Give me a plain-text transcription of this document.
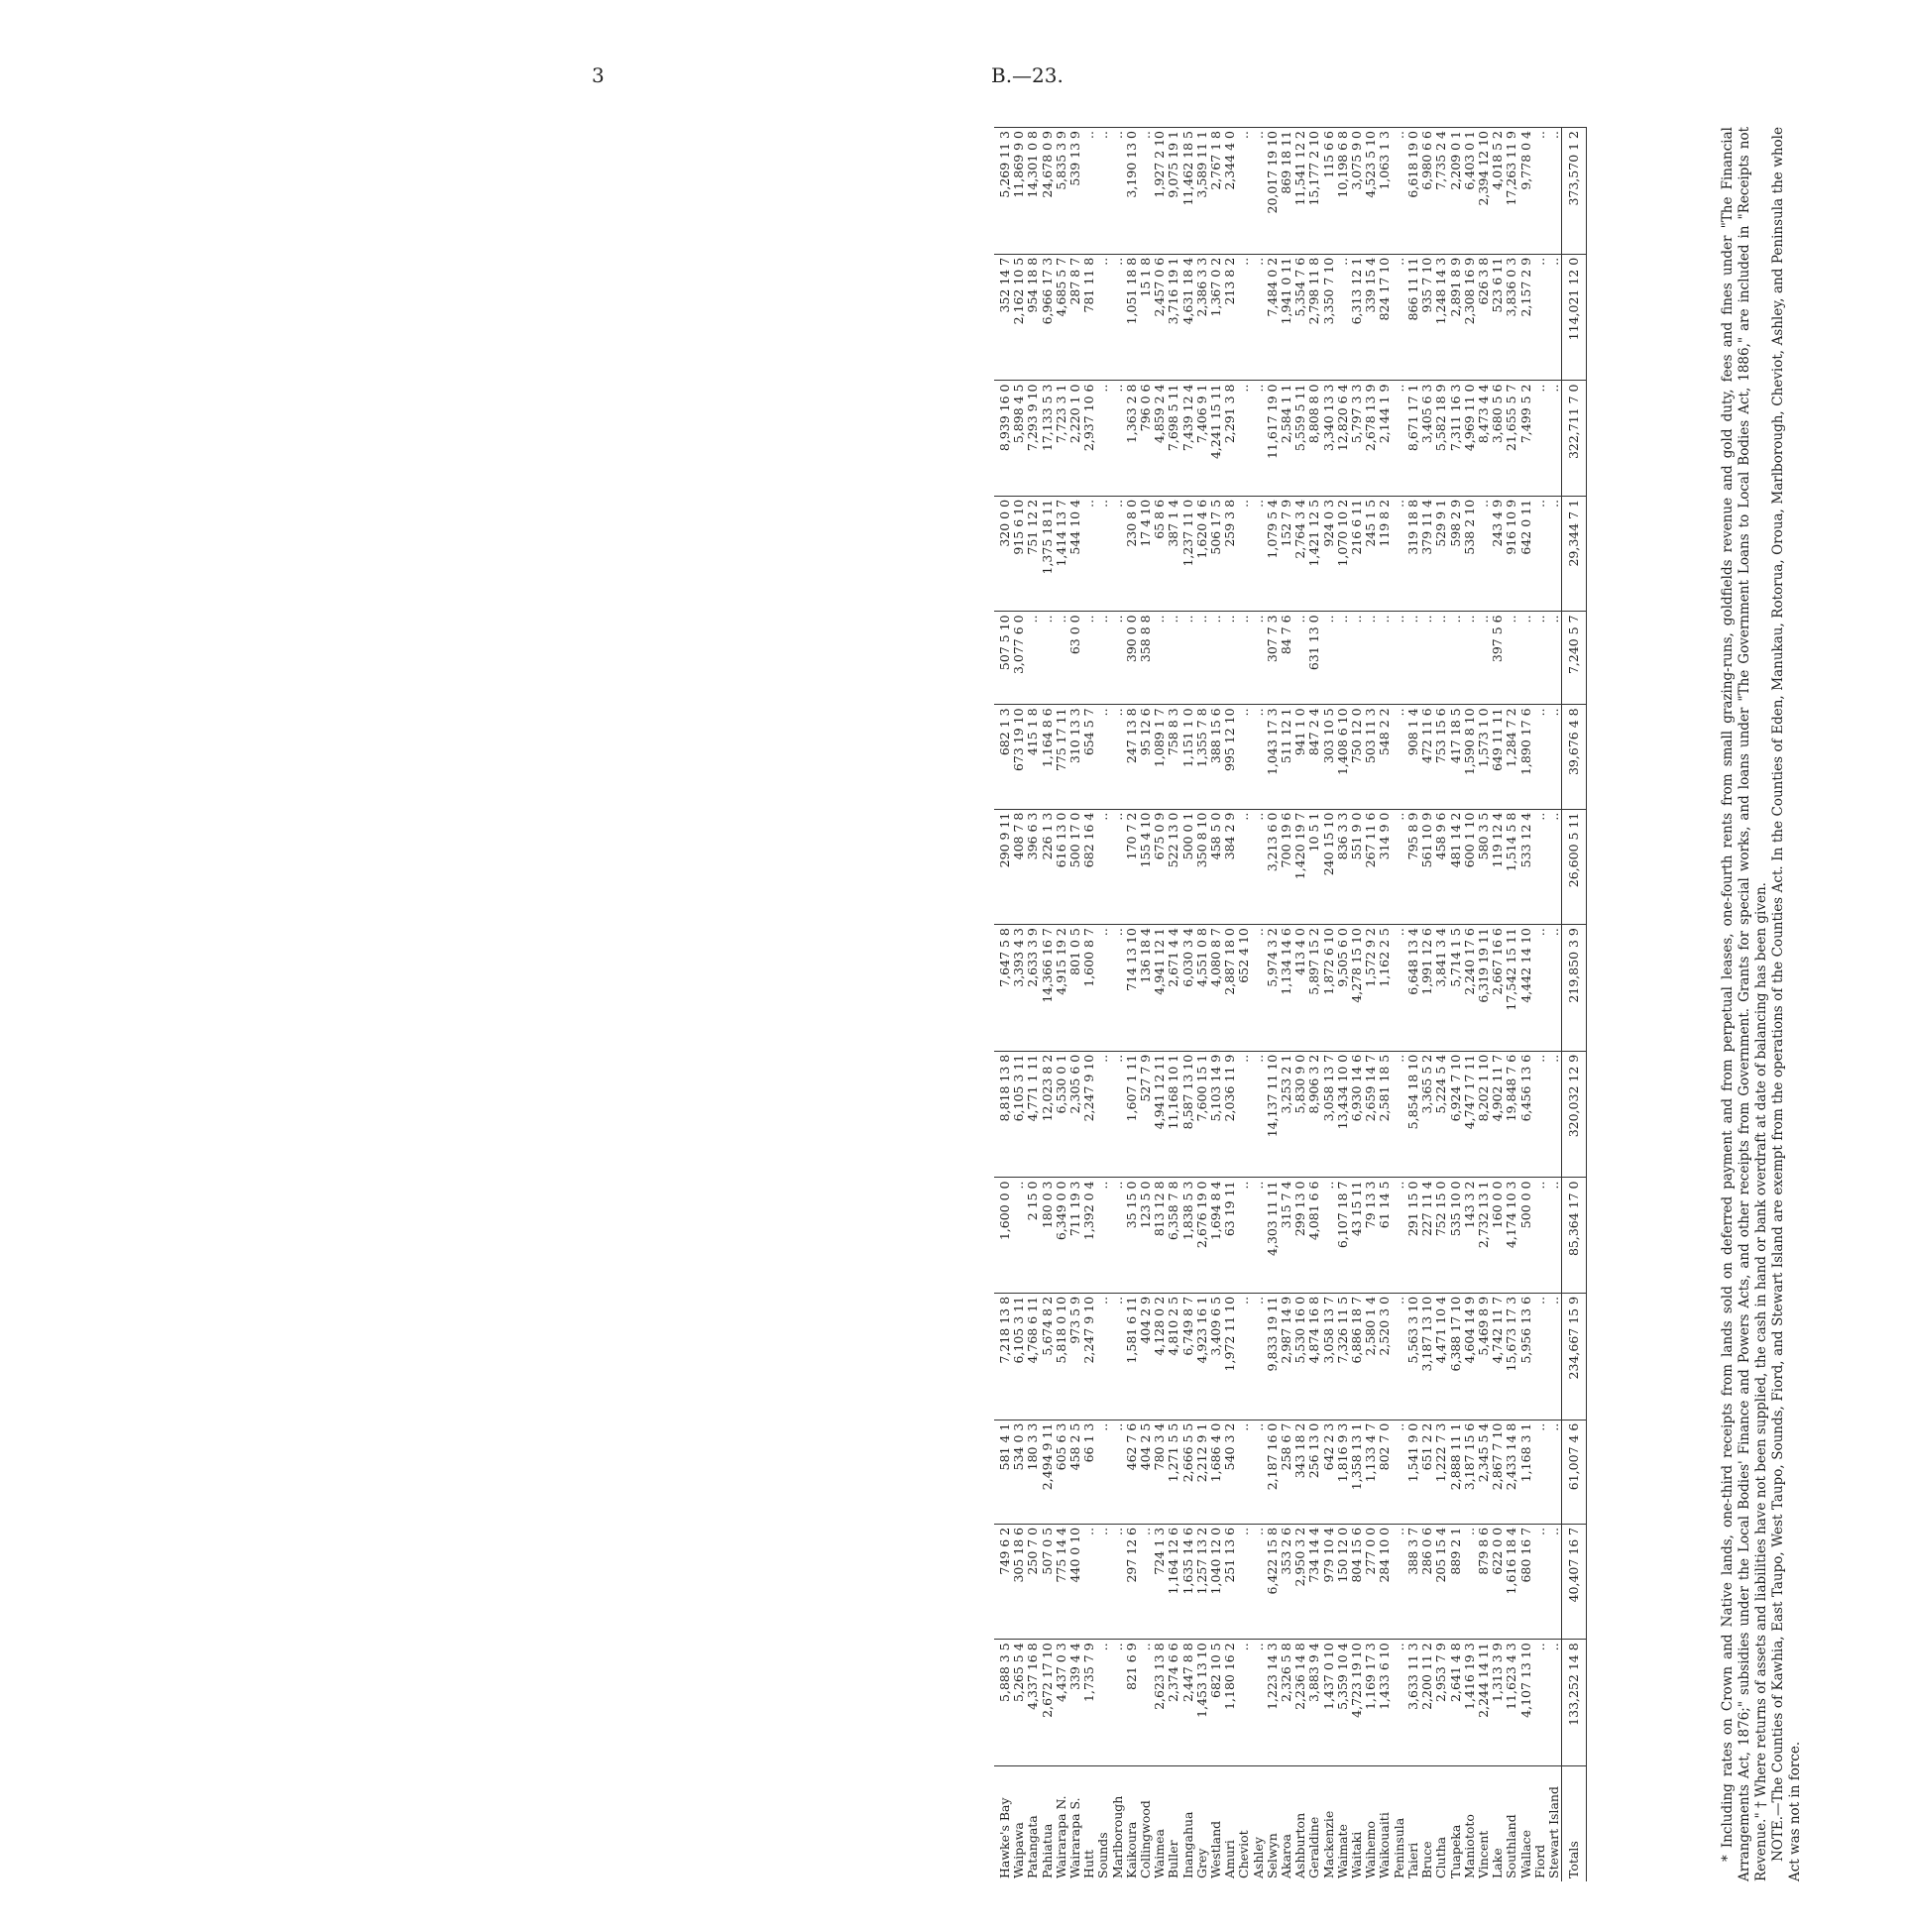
3	B.—23.
Hawke's Bay	5,888 3 5	749 6 2	581 4 1	7,218 13 8	1,600 0 0	8,818 13 8	7,647 5 8	290 9 11	682 1 3	507 5 10	320 0 0	8,939 16 0	352 14 7	5,269 11 3
Waipawa	5,265 5 4	305 18 6	534 0 3	6,105 3 11	..	6,105 3 11	3,393 4 3	408 7 8	673 19 10	3,077 6 0	915 6 10	5,898 4 5	2,162 10 5	11,869 9 0
Patangata	4,337 16 8	250 7 0	180 3 3	4,768 6 11	2 15 0	4,771 1 11	2,633 3 9	396 6 3	415 1 8	..	751 12 2	7,293 9 10	954 18 8	14,301 0 8
Pahiatua	2,672 17 10	507 0 5	2,494 9 11	5,674 8 2	180 0 3	12,023 8 2	14,366 16 7	226 1 3	1,164 8 6	..	1,375 18 11	17,133 5 3	6,966 17 3	24,678 0 9
Wairarapa N.	4,437 0 3	775 14 4	605 6 3	5,818 0 10	6,349 0 0	6,530 0 1	4,915 19 2	616 13 0	775 17 11	..	1,414 13 7	7,723 3 1	4,685 5 7	5,835 3 9
Wairarapa S.	339 4 4	440 0 10	458 2 5	973 5 9	711 19 3	2,305 6 0	801 0 5	500 17 0	310 13 3	63 0 0	544 10 4	2,220 1 0	287 8 7	539 13 9
Hutt	1,735 7 9	..	66 1 3	2,247 9 10	1,392 0 4	2,247 9 10	1,600 8 7	682 16 4	654 5 7	..	..	2,937 10 6	781 11 8	..
Sounds	..	..	..	..	..	..	..	..	..	..	..	..	..	..
Marlborough	..	..	..	..	..	..	..	..	..	..	..	..	..	..
Kaikoura	821 6 9	297 12 6	462 7 6	1,581 6 11	35 15 0	1,607 1 11	714 13 10	170 7 2	247 13 8	390 0 0	230 8 0	1,363 2 8	1,051 18 8	3,190 13 0
Collingwood	..	..	404 2 5	404 2 9	123 5 0	527 7 9	136 18 4	155 4 10	95 12 6	358 8 8	17 4 10	796 0 6	15 1 8	..
Waimea	2,623 13 8	724 1 3	780 3 4	4,128 0 2	813 12 8	4,941 12 11	4,941 12 1	675 0 9	1,089 1 7	..	65 8 6	4,859 2 4	2,457 0 6	1,927 2 10
Buller	2,374 6 6	1,164 12 6	1,271 5 5	4,810 2 5	6,358 7 8	11,168 10 1	2,671 4 4	522 13 0	758 8 3	..	387 1 4	7,698 5 11	3,716 19 1	9,075 19 1
Inangahua	2,447 8 8	1,635 14 6	2,666 5 5	6,749 8 7	1,838 5 3	8,587 13 10	6,030 3 4	500 0 1	1,151 1 0	..	1,237 11 0	7,439 12 4	4,631 18 4	11,462 18 5
Grey	1,453 13 10	1,257 13 2	2,212 9 1	4,923 16 1	2,676 19 0	7,600 15 1	4,551 0 8	350 8 10	1,355 7 8	..	1,620 4 6	7,406 9 1	2,386 3 3	3,589 11 1
Westland	682 10 5	1,040 12 0	1,686 4 0	3,409 6 5	1,694 8 4	5,103 14 9	4,080 8 7	458 5 0	388 15 6	..	506 17 5	4,241 15 11	1,367 0 2	2,767 1 8
Amuri	1,180 16 2	251 13 6	540 3 2	1,972 11 10	63 19 11	2,036 11 9	2,887 18 0	384 2 9	995 12 10	..	259 3 8	2,291 3 8	213 8 2	2,344 4 0
Cheviot	..	..	..	..	..	..	652 4 10	..	..	..	..	..	..	..
Ashley	..	..	..	..	..	..	..	..	..	..	..	..	..	..
Selwyn	1,223 14 3	6,422 15 8	2,187 16 0	9,833 19 11	4,303 11 11	14,137 11 10	5,974 3 2	3,213 6 0	1,043 17 3	307 7 3	1,079 5 4	11,617 19 0	7,484 0 2	20,017 19 10
Akaroa	2,326 5 8	353 2 6	258 6 7	2,987 14 9	315 7 4	3,253 2 1	1,134 14 6	700 19 6	511 12 1	84 7 6	152 7 9	2,584 1 1	1,941 0 11	869 18 11
Ashburton	2,236 14 8	2,950 3 2	343 18 2	5,530 16 0	299 13 0	5,830 9 0	413 4 0	1,420 19 7	941 1 0	..	2,764 3 4	5,559 5 11	5,354 7 6	11,541 12 2
Geraldine	3,883 9 4	734 14 4	256 13 0	4,874 16 8	4,081 6 6	8,906 3 2	5,897 15 2	10 5 1	847 2 4	631 13 0	1,421 12 5	8,808 8 0	2,798 11 8	15,177 2 10
Mackenzie	1,437 0 10	979 10 4	642 2 3	3,058 13 7	..	3,058 13 7	1,872 6 10	240 15 10	303 10 5	..	924 0 3	3,340 13 3	3,350 7 10	115 6 6
Waimate	5,359 10 4	150 12 0	1,816 9 3	7,326 11 5	6,107 18 7	13,434 10 0	9,505 6 0	836 3 3	1,408 6 10	..	1,070 10 2	12,820 6 4	..	10,198 6 8
Waitaki	4,723 19 10	804 15 6	1,358 13 1	6,886 18 7	43 15 11	6,930 14 6	4,278 15 10	551 9 0	750 12 0	..	216 6 11	5,797 3 3	6,313 12 1	3,075 9 0
Waihemo	1,169 17 3	277 0 0	1,133 4 7	2,580 1 4	79 13 3	2,659 14 7	1,572 9 2	267 11 6	503 11 3	..	245 1 5	2,678 13 9	339 15 4	4,523 5 10
Waikouaiti	1,433 6 10	284 10 0	802 7 0	2,520 3 0	61 14 5	2,581 18 5	1,162 2 5	314 9 0	548 2 2	..	119 8 2	2,144 1 9	824 17 10	1,063 1 3
Peninsula	..	..	..	..	..	..	..	..	..	..	..	..	..	..
Taieri	3,633 11 3	388 3 7	1,541 9 0	5,563 3 10	291 15 0	5,854 18 10	6,648 13 4	795 8 9	908 1 4	..	319 18 8	8,671 17 1	866 11 11	6,618 19 0
Bruce	2,200 11 2	286 0 6	651 2 2	3,187 13 10	227 11 4	3,365 5 2	1,991 12 6	561 10 9	472 11 6	..	379 11 4	3,405 6 3	935 7 10	6,980 6 6
Clutha	2,953 7 9	205 15 4	1,222 7 3	4,471 10 4	752 15 0	5,224 5 4	3,841 3 4	458 9 6	753 15 6	..	529 9 1	5,582 18 9	1,248 14 3	7,735 2 4
Tuapeka	2,641 4 8	889 2 1	2,888 11 1	6,388 17 10	535 10 0	6,924 7 10	5,714 1 5	481 14 2	417 18 5	..	598 2 9	7,311 16 3	2,891 8 9	2,209 0 1
Maniototo	1,416 19 3	..	3,187 15 6	4,604 14 9	143 3 2	4,747 17 11	2,240 17 6	600 1 10	1,590 8 10	..	538 2 10	4,969 11 0	2,308 16 9	6,403 0 1
Vincent	2,244 14 11	879 8 6	2,345 5 4	5,469 8 9	2,732 13 1	8,202 1 10	6,319 19 11	580 3 5	1,573 1 0	..	..	8,473 4 4	626 3 8	2,394 12 10
Lake	1,313 3 9	622 0 0	2,867 7 10	4,742 11 7	160 0 0	4,902 11 7	2,667 16 6	119 12 4	649 11 11	397 5 6	243 4 9	3,680 5 6	523 6 11	4,018 5 2
Southland	11,623 4 3	1,616 18 4	2,433 14 8	15,673 17 3	4,174 10 3	19,848 7 6	17,542 15 11	1,514 5 8	1,284 7 2	..	916 10 9	21,655 5 7	3,836 0 3	17,263 11 9
Wallace	4,107 13 10	680 16 7	1,168 3 1	5,956 13 6	500 0 0	6,456 13 6	4,442 14 10	533 12 4	1,890 17 6	..	642 0 11	7,499 5 2	2,157 2 9	9,778 0 4
Fiord	..	..	..	..	..	..	..	..	..	..	..	..	..	..
Stewart Island	..	..	..	..	..	..	..	..	..	..	..	..	..	..
Totals	133,252 14 8	40,407 16 7	61,007 4 6	234,667 15 9	85,364 17 0	320,032 12 9	219,850 3 9	26,600 5 11	39,676 4 8	7,240 5 7	29,344 7 1	322,711 7 0	114,021 12 0	373,570 1 2	* Including rates on Crown and Native lands, one-third receipts from lands sold on deferred payment and from perpetual leases, one-fourth rents from small grazing-runs, goldfields revenue and gold duty, fees and fines under "The Financial Arrangements Act, 1876;" subsidies under the Local Bodies' Finance and Powers Acts, and other receipts from Government. Grants for special works, and loans under "The Government Loans to Local Bodies Act, 1886," are included in "Receipts not Revenue." † Where returns of assets and liabilities have not been supplied, the cash in hand or bank overdraft at date of balancing has been given. NOTE.—The Counties of Kawhia, East Taupo, West Taupo, Sounds, Fiord, and Stewart Island are exempt from the operations of the Counties Act. In the Counties of Eden, Manukau, Rotorua, Oroua, Marlborough, Cheviot, Ashley, and Peninsula the whole Act was not in force.
